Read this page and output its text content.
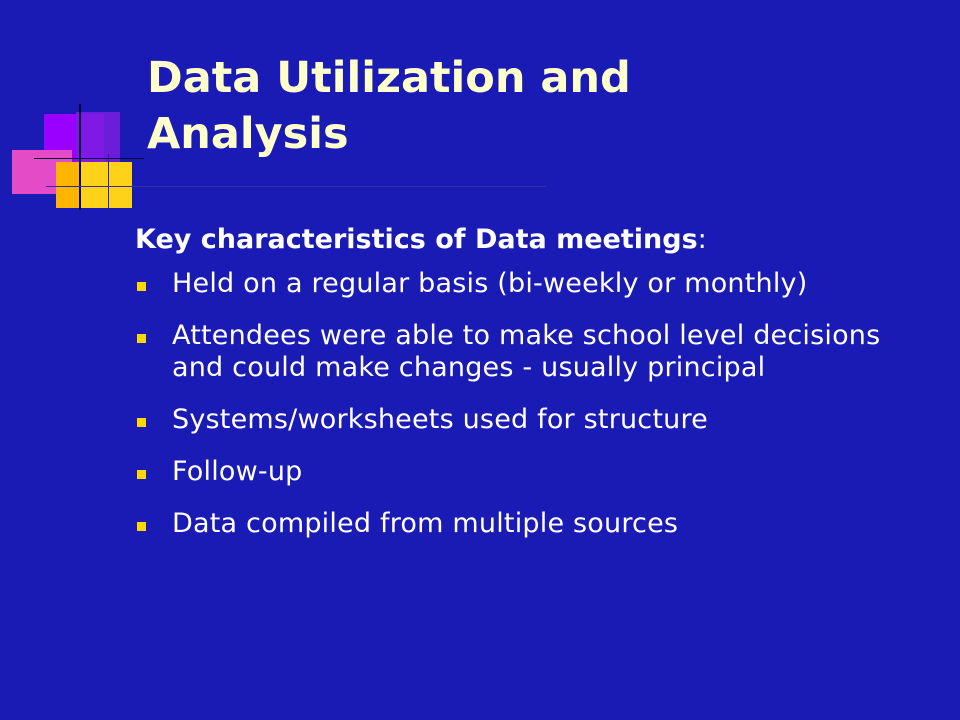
Data Utilization and
Analysis

Key characteristics of Data meetings:

Held on a regular basis (bi-weekly or monthly)
Attendees were able to make school level decisions and could make changes - usually principal
Systems/worksheets used for structure
Follow-up
Data compiled from multiple sources
